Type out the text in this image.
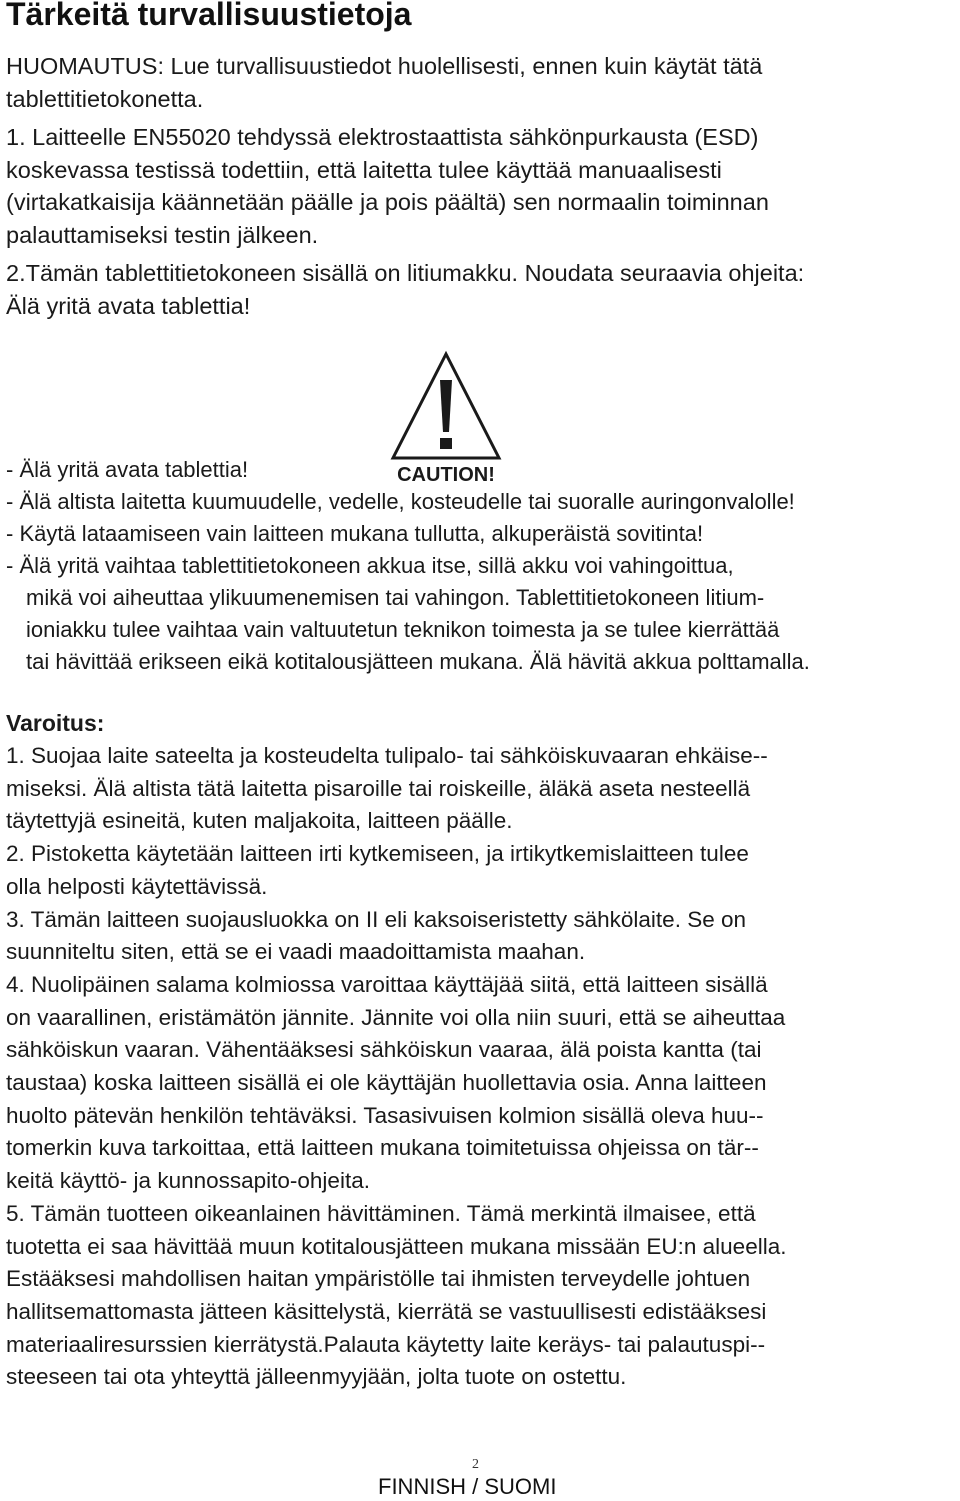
Tärkeitä turvallisuustietoja
HUOMAUTUS: Lue turvallisuustiedot huolellisesti, ennen kuin käytät tätä
tablettitietokonetta.
1. Laitteelle EN55020 tehdyssä elektrostaattista sähkönpurkausta (ESD)
koskevassa testissä todettiin, että laitetta tulee käyttää manuaalisesti
(virtakatkaisija käännetään päälle ja pois päältä) sen normaalin toiminnan
palauttamiseksi testin jälkeen.
2.Tämän tablettitietokoneen sisällä on litiumakku. Noudata seuraavia ohjeita:
Älä yritä avata tablettia!
CAUTION!
- Älä yritä avata tablettia!
- Älä altista laitetta kuumuudelle, vedelle, kosteudelle tai suoralle auringonvalolle!
- Käytä lataamiseen vain laitteen mukana tullutta, alkuperäistä sovitinta!
- Älä yritä vaihtaa tablettitietokoneen akkua itse, sillä akku voi vahingoittua,
mikä voi aiheuttaa ylikuumenemisen tai vahingon. Tablettitietokoneen litium-
ioniakku tulee vaihtaa vain valtuutetun teknikon toimesta ja se tulee kierrättää
tai hävittää erikseen eikä kotitalousjätteen mukana. Älä hävitä akkua polttamalla.
Varoitus:
1. Suojaa laite sateelta ja kosteudelta tulipalo- tai sähköiskuvaaran ehkäise--
miseksi. Älä altista tätä laitetta pisaroille tai roiskeille, äläkä aseta nesteellä
täytettyjä esineitä, kuten maljakoita, laitteen päälle.
2. Pistoketta käytetään laitteen irti kytkemiseen, ja irtikytkemislaitteen tulee
olla helposti käytettävissä.
3. Tämän laitteen suojausluokka on II eli kaksoiseristetty sähkölaite. Se on
suunniteltu siten, että se ei vaadi maadoittamista maahan.
4. Nuolipäinen salama kolmiossa varoittaa käyttäjää siitä, että laitteen sisällä
on vaarallinen, eristämätön jännite. Jännite voi olla niin suuri, että se aiheuttaa
sähköiskun vaaran. Vähentääksesi sähköiskun vaaraa, älä poista kantta (tai
taustaa) koska laitteen sisällä ei ole käyttäjän huollettavia osia. Anna laitteen
huolto pätevän henkilön tehtäväksi. Tasasivuisen kolmion sisällä oleva huu--
tomerkin kuva tarkoittaa, että laitteen mukana toimitetuissa ohjeissa on tär--
keitä käyttö- ja kunnossapito-ohjeita.
5. Tämän tuotteen oikeanlainen hävittäminen. Tämä merkintä ilmaisee, että
tuotetta ei saa hävittää muun kotitalousjätteen mukana missään EU:n alueella.
Estääksesi mahdollisen haitan ympäristölle tai ihmisten terveydelle johtuen
hallitsemattomasta jätteen käsittelystä, kierrätä se vastuullisesti edistääksesi
materiaaliresurssien kierrätystä.Palauta käytetty laite keräys- tai palautuspi--
steeseen tai ota yhteyttä jälleenmyyjään, jolta tuote on ostettu.
2
FINNISH / SUOMI
